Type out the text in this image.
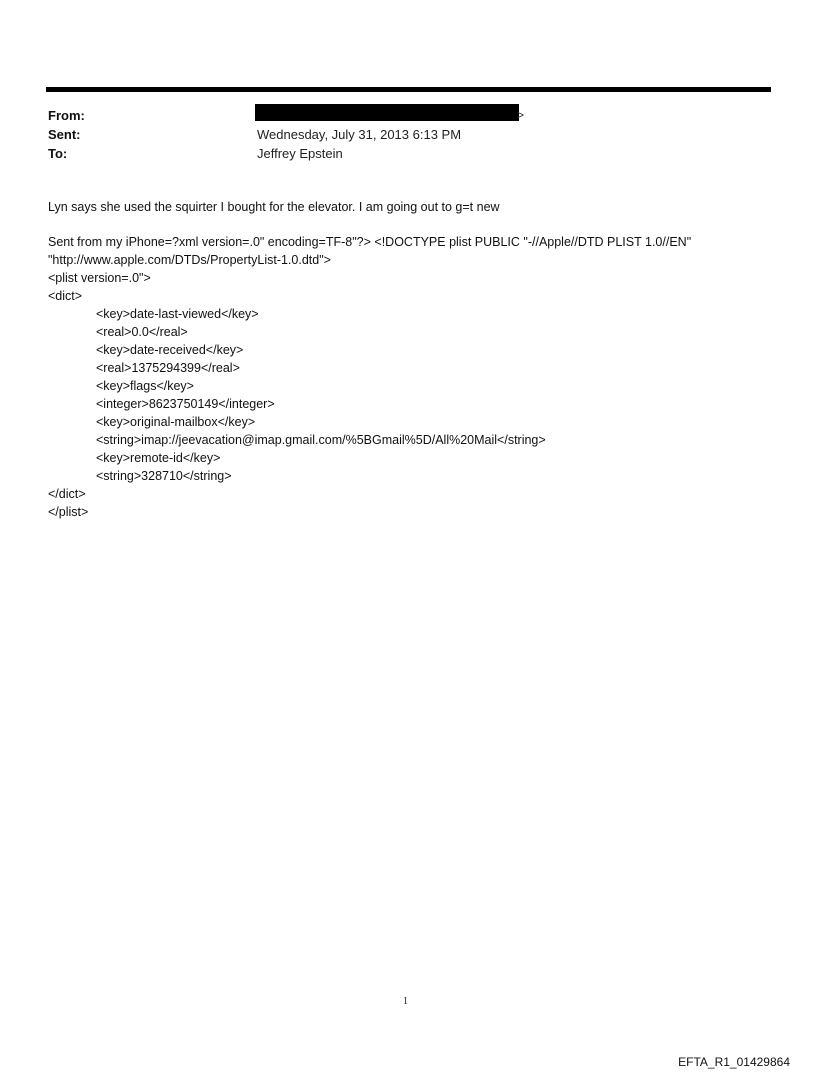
From:	>
Sent:	Wednesday, July 31, 2013 6:13 PM
To:	Jeffrey Epstein
Lyn says she used the squirter I bought for the elevator. I am going out to g=t new
Sent from my iPhone=?xml version=.0" encoding=TF-8"?> <!DOCTYPE plist PUBLIC "-//Apple//DTD PLIST 1.0//EN"
"http://www.apple.com/DTDs/PropertyList-1.0.dtd">
<plist version=.0">
<dict>
<key>date-last-viewed</key>
<real>0.0</real>
<key>date-received</key>
<real>1375294399</real>
<key>flags</key>
<integer>8623750149</integer>
<key>original-mailbox</key>
<string>imap://jeevacation@imap.gmail.com/%5BGmail%5D/All%20Mail</string>
<key>remote-id</key>
<string>328710</string>
</dict>
</plist>
1
EFTA_R1_01429864
